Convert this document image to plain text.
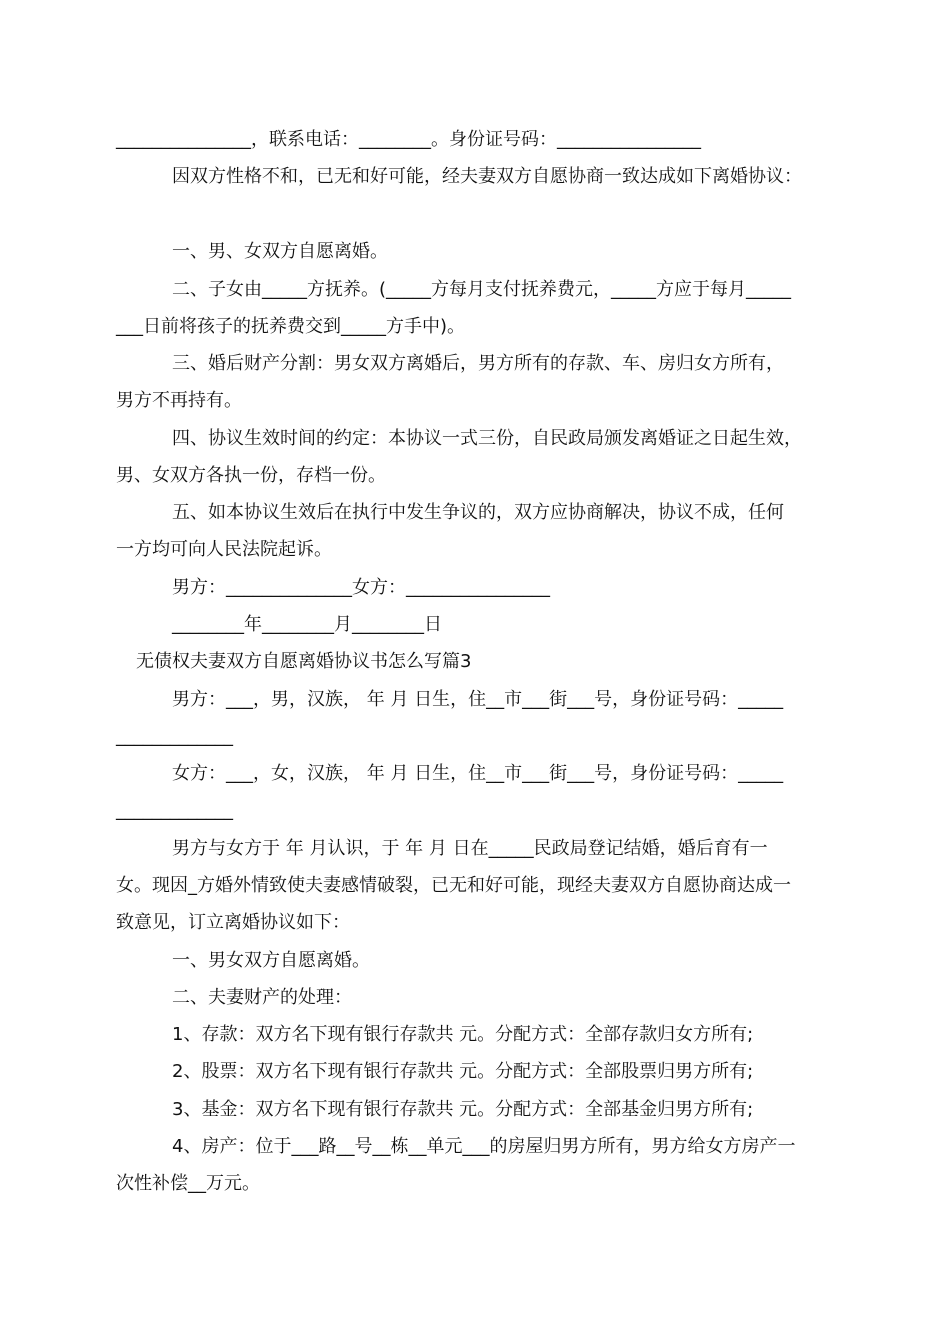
_______________，联系电话：________。身份证号码：________________
因双方性格不和，已无和好可能，经夫妻双方自愿协商一致达成如下离婚协议：
一、男、女双方自愿离婚。
二、子女由_____方抚养。(_____方每月支付抚养费元，_____方应于每月_____
___日前将孩子的抚养费交到_____方手中)。
三、婚后财产分割：男女双方离婚后，男方所有的存款、车、房归女方所有，
男方不再持有。
四、协议生效时间的约定：本协议一式三份，自民政局颁发离婚证之日起生效，
男、女双方各执一份，存档一份。
五、如本协议生效后在执行中发生争议的，双方应协商解决，协议不成，任何
一方均可向人民法院起诉。
男方：______________女方：________________
________年________月________日
无债权夫妻双方自愿离婚协议书怎么写篇3
男方：___，男，汉族， 年 月 日生，住__市___街___号，身份证号码：_____
_____________
女方：___，女，汉族， 年 月 日生，住__市___街___号，身份证号码：_____
_____________
男方与女方于 年 月认识，于 年 月 日在_____民政局登记结婚，婚后育有一
女。现因_方婚外情致使夫妻感情破裂，已无和好可能，现经夫妻双方自愿协商达成一
致意见，订立离婚协议如下：
一、男女双方自愿离婚。
二、夫妻财产的处理：
1、存款：双方名下现有银行存款共 元。分配方式：全部存款归女方所有;
2、股票：双方名下现有银行存款共 元。分配方式：全部股票归男方所有;
3、基金：双方名下现有银行存款共 元。分配方式：全部基金归男方所有;
4、房产：位于___路__号__栋__单元___的房屋归男方所有，男方给女方房产一
次性补偿__万元。
